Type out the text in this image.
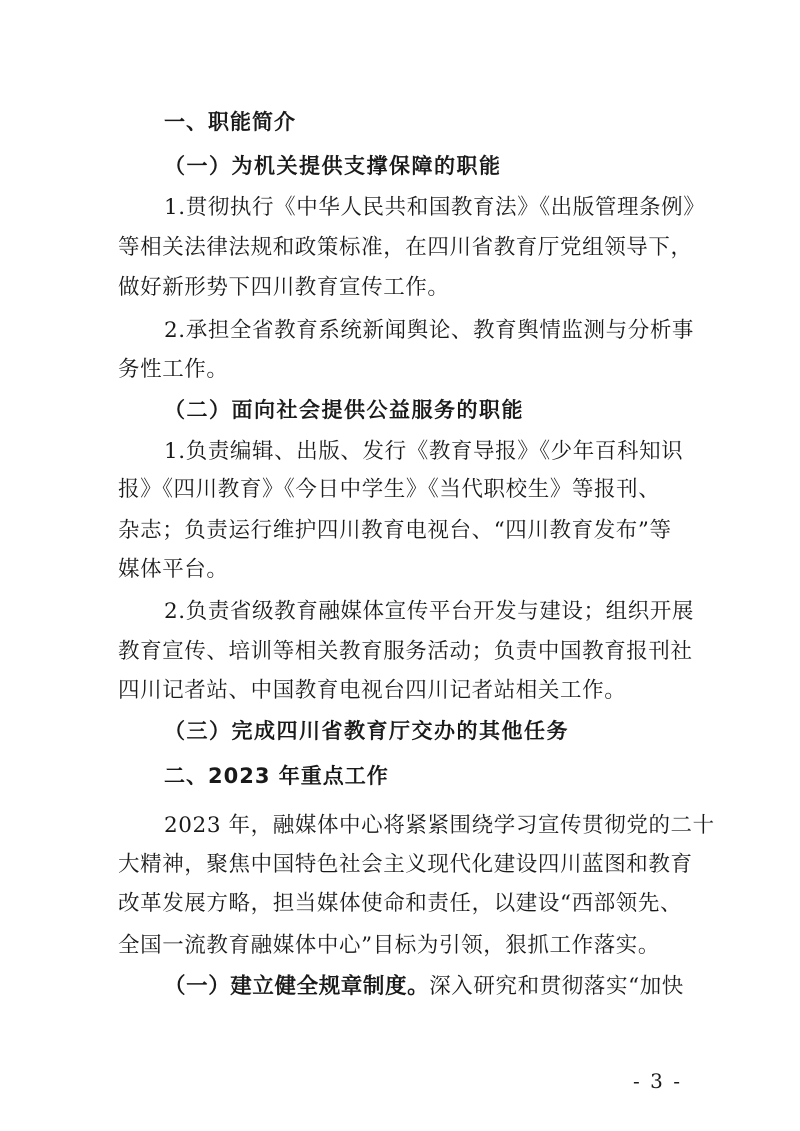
一、职能简介
（一）为机关提供支撑保障的职能
1.贯彻执行《中华人民共和国教育法》《出版管理条例》
等相关法律法规和政策标准，在四川省教育厅党组领导下，
做好新形势下四川教育宣传工作。
2.承担全省教育系统新闻舆论、教育舆情监测与分析事
务性工作。
（二）面向社会提供公益服务的职能
1.负责编辑、出版、发行《教育导报》《少年百科知识
报》《四川教育》《今日中学生》《当代职校生》等报刊、
杂志；负责运行维护四川教育电视台、“四川教育发布”等
媒体平台。
2.负责省级教育融媒体宣传平台开发与建设；组织开展
教育宣传、培训等相关教育服务活动；负责中国教育报刊社
四川记者站、中国教育电视台四川记者站相关工作。
（三）完成四川省教育厅交办的其他任务
二、2023 年重点工作
2023 年，融媒体中心将紧紧围绕学习宣传贯彻党的二十
大精神，聚焦中国特色社会主义现代化建设四川蓝图和教育
改革发展方略，担当媒体使命和责任，以建设“西部领先、
全国一流教育融媒体中心”目标为引领，狠抓工作落实。
（一）建立健全规章制度。深入研究和贯彻落实“加快
- 3 -
